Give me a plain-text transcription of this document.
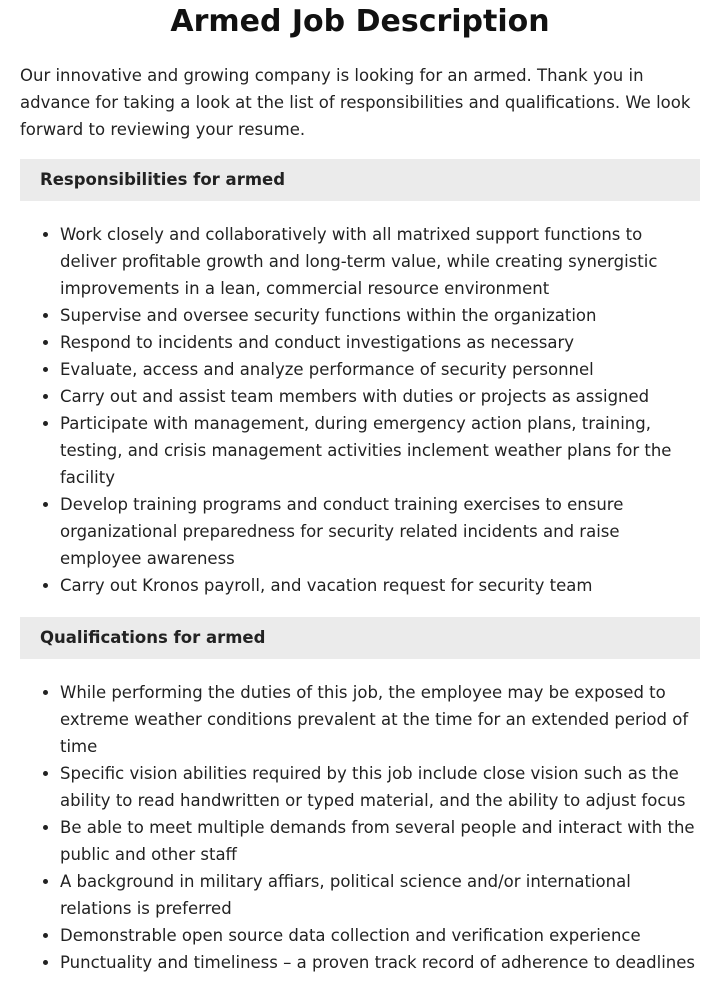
Armed Job Description

Our innovative and growing company is looking for an armed. Thank you in advance for taking a look at the list of responsibilities and qualifications. We look forward to reviewing your resume.

Responsibilities for armed
• Work closely and collaboratively with all matrixed support functions to deliver profitable growth and long-term value, while creating synergistic improvements in a lean, commercial resource environment
• Supervise and oversee security functions within the organization
• Respond to incidents and conduct investigations as necessary
• Evaluate, access and analyze performance of security personnel
• Carry out and assist team members with duties or projects as assigned
• Participate with management, during emergency action plans, training, testing, and crisis management activities inclement weather plans for the facility
• Develop training programs and conduct training exercises to ensure organizational preparedness for security related incidents and raise employee awareness
• Carry out Kronos payroll, and vacation request for security team
Qualifications for armed
• While performing the duties of this job, the employee may be exposed to extreme weather conditions prevalent at the time for an extended period of time
• Specific vision abilities required by this job include close vision such as the ability to read handwritten or typed material, and the ability to adjust focus
• Be able to meet multiple demands from several people and interact with the public and other staff
• A background in military affiars, political science and/or international relations is preferred
• Demonstrable open source data collection and verification experience
• Punctuality and timeliness – a proven track record of adherence to deadlines
